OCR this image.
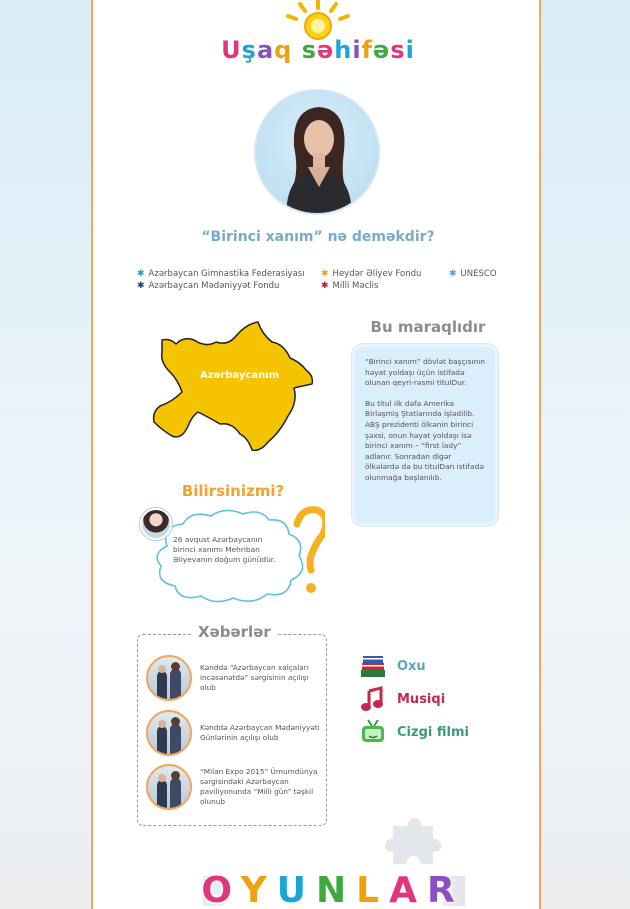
Uşaq səhifəsi
“Birinci xanım” nə deməkdir?
✱ Azərbaycan Gimnastika Federasiyası ✱ Heydər Əliyev Fondu	✱ UNESCO
✱ Azərbaycan Mədəniyyət Fondu	✱ Milli Məclis
Azərbaycanım
Bu maraqlıdır

“Birinci xanım” dövlət başçısının həyat yoldaşı üçün istifadə olunan qeyri-rəsmi titulDur.

Bu titul ilk dəfə Amerika Birləşmiş Ştatlarında işlədilib. ABŞ prezidenti ölkənin birinci şəxsi, onun həyat yoldaşı isə birinci xanım – “first lady” adlanır. Sonradan digər ölkələrdə də bu titulDan istifadə olunmağa başlanılıb.

Bilirsinizmi?
26 avqust Azərbaycanın birinci xanımı Mehriban Əliyevanın doğum günüdür.
Xəbərlər
Kənddə “Azərbaycan xalçaları incəsənətdə” sərgisinin açılışı olub
Kənddə Azərbaycan Mədəniyyəti Günlərinin açılışı olub
“Milan Expo 2015” Ümumdünya sərgisindəki Azərbaycan paviliyonunda “Milli gün” təşkil olunub
Oxu
Musiqi
Cizgi filmi
OYUNLAR
